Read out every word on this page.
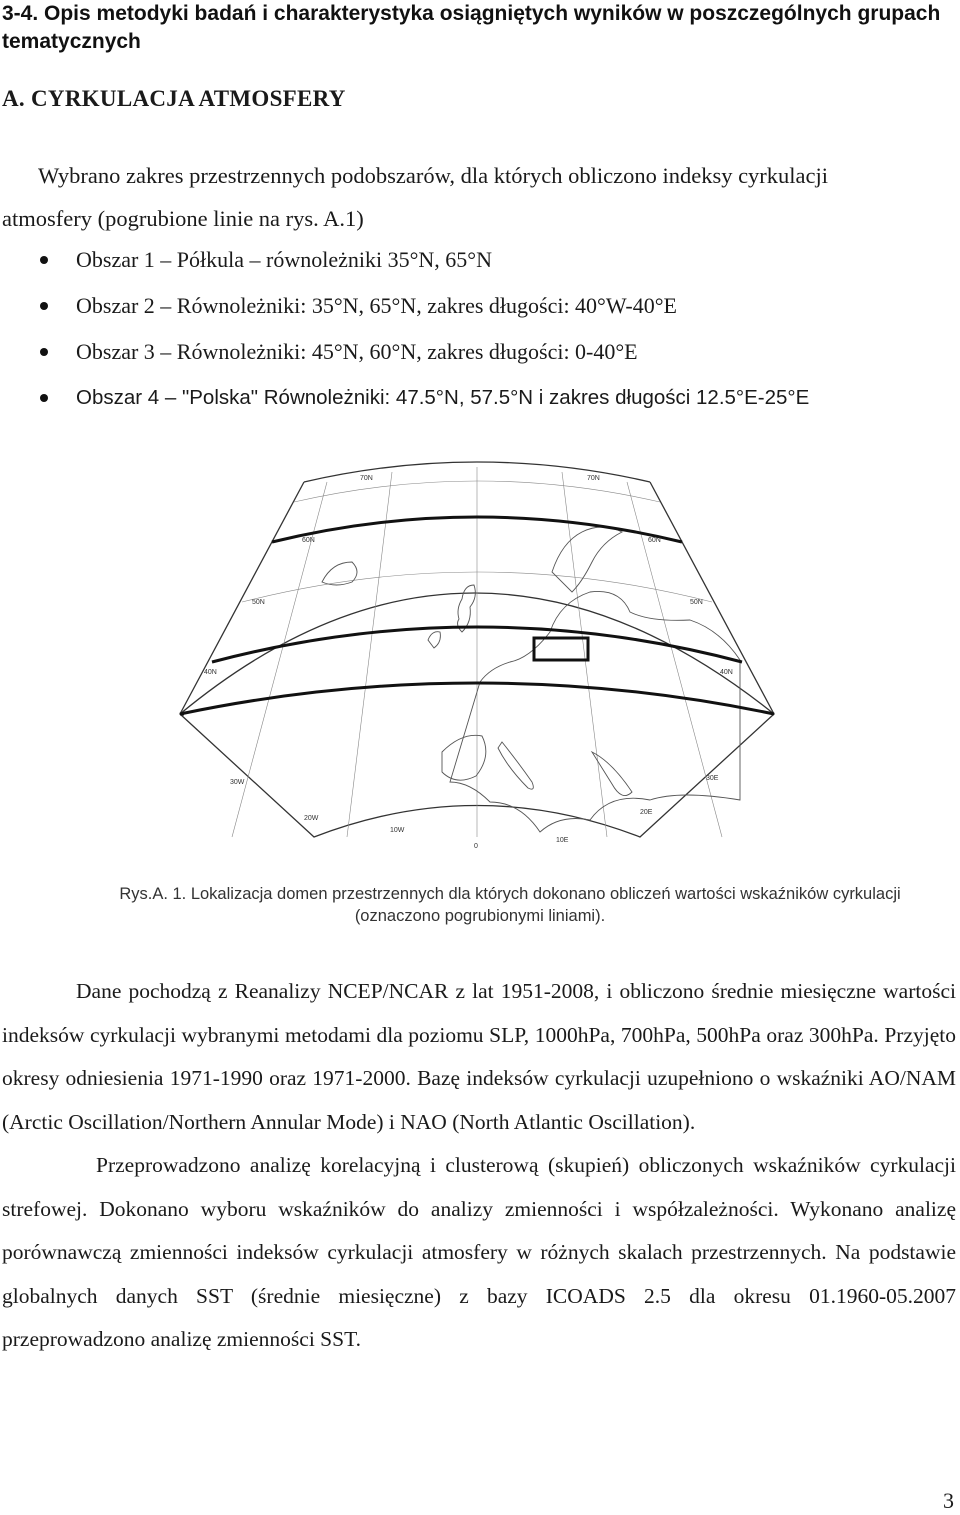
3-4. Opis metodyki badań i charakterystyka osiągniętych wyników w poszczególnych grupach tematycznych
A. CYRKULACJA ATMOSFERY
Wybrano zakres przestrzennych podobszarów, dla których obliczono indeksy cyrkulacji
atmosfery (pogrubione linie na rys. A.1)
Obszar 1 – Półkula – równoleżniki 35°N, 65°N
Obszar 2 – Równoleżniki: 35°N, 65°N, zakres długości: 40°W-40°E
Obszar 3 – Równoleżniki: 45°N, 60°N, zakres długości: 0-40°E
Obszar 4 – "Polska" Równoleżniki: 47.5°N, 57.5°N i zakres długości 12.5°E-25°E
70N
60N
50N
40N
70N
60N
50N
40N
30W
20W
10W
0
10E
20E
30E
Rys.A. 1. Lokalizacja domen przestrzennych dla których dokonano obliczeń wartości wskaźników cyrkulacji
(oznaczono pogrubionymi liniami).

Dane pochodzą z Reanalizy NCEP/NCAR z lat 1951-2008, i obliczono średnie miesięczne wartości indeksów cyrkulacji wybranymi metodami dla poziomu SLP, 1000hPa, 700hPa, 500hPa oraz 300hPa. Przyjęto okresy odniesienia 1971-1990 oraz 1971-2000. Bazę indeksów cyrkulacji uzupełniono o wskaźniki AO/NAM (Arctic Oscillation/Northern Annular Mode) i NAO (North Atlantic Oscillation).

Przeprowadzono analizę korelacyjną i clusterową (skupień) obliczonych wskaźników cyrkulacji strefowej. Dokonano wyboru wskaźników do analizy zmienności i współzależności. Wykonano analizę porównawczą zmienności indeksów cyrkulacji atmosfery w różnych skalach przestrzennych. Na podstawie globalnych danych SST (średnie miesięczne) z bazy ICOADS 2.5 dla okresu 01.1960-05.2007 przeprowadzono analizę zmienności SST.

3
